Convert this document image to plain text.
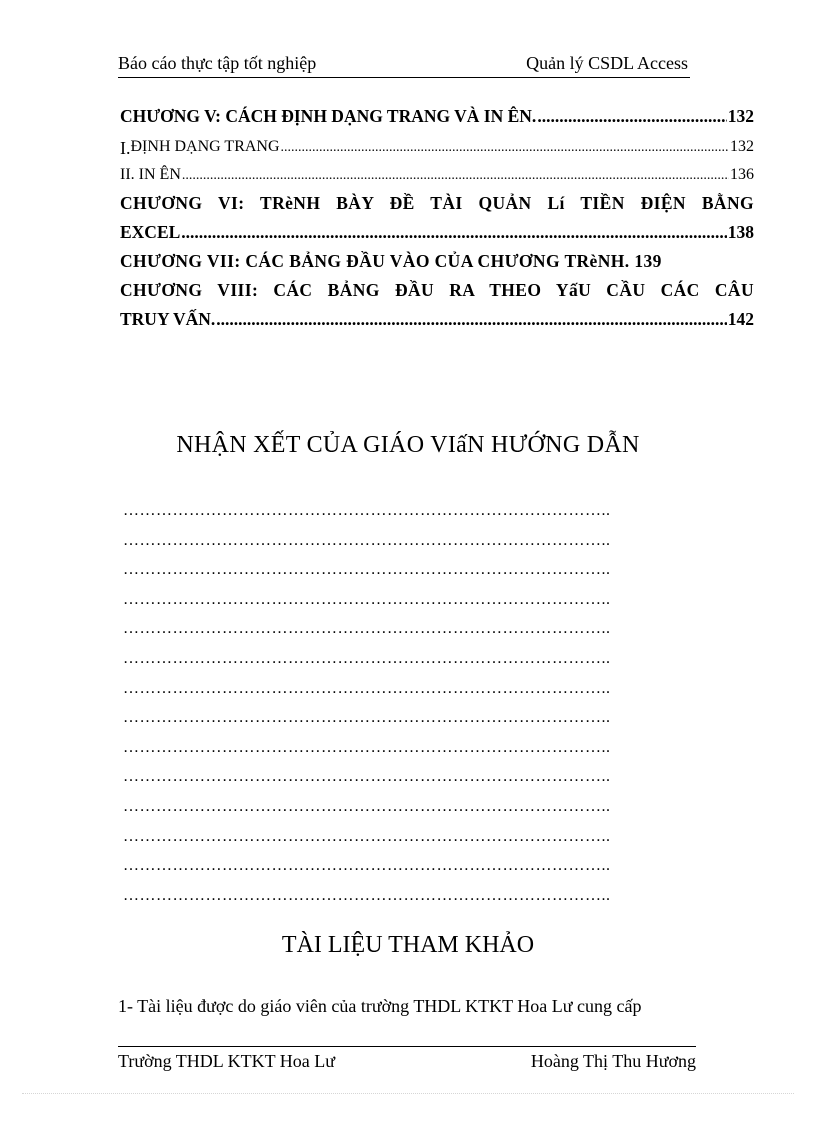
Báo cáo thực tập tốt nghiệp	Quản lý CSDL Access
CHƯƠNG V: CÁCH ĐỊNH DẠNG TRANG VÀ IN ÊN. .....	132
I. ĐỊNH DẠNG TRANG .....	132
II. IN ÊN .....	136
CHƯƠNG VI: TRèNH BÀY ĐỀ TÀI QUẢN Lí TIỀN ĐIỆN BẰNG
EXCEL .....	138
CHƯƠNG VII: CÁC BẢNG ĐẦU VÀO CỦA CHƯƠNG TRèNH. 139
CHƯƠNG VIII: CÁC BẢNG ĐẦU RA THEO YấU CẦU CÁC CÂU
TRUY VẤN. .....	142
NHẬN XẾT CỦA GIÁO VIấN HƯỚNG DẪN
……………………………………………………………………………..
……………………………………………………………………………..
……………………………………………………………………………..
……………………………………………………………………………..
……………………………………………………………………………..
……………………………………………………………………………..
……………………………………………………………………………..
……………………………………………………………………………..
……………………………………………………………………………..
……………………………………………………………………………..
……………………………………………………………………………..
……………………………………………………………………………..
……………………………………………………………………………..
……………………………………………………………………………..
TÀI LIỆU THAM KHẢO
1- Tài liệu được do giáo viên của trường THDL KTKT Hoa Lư cung cấp
Trường THDL KTKT Hoa Lư	Hoàng Thị Thu Hương
